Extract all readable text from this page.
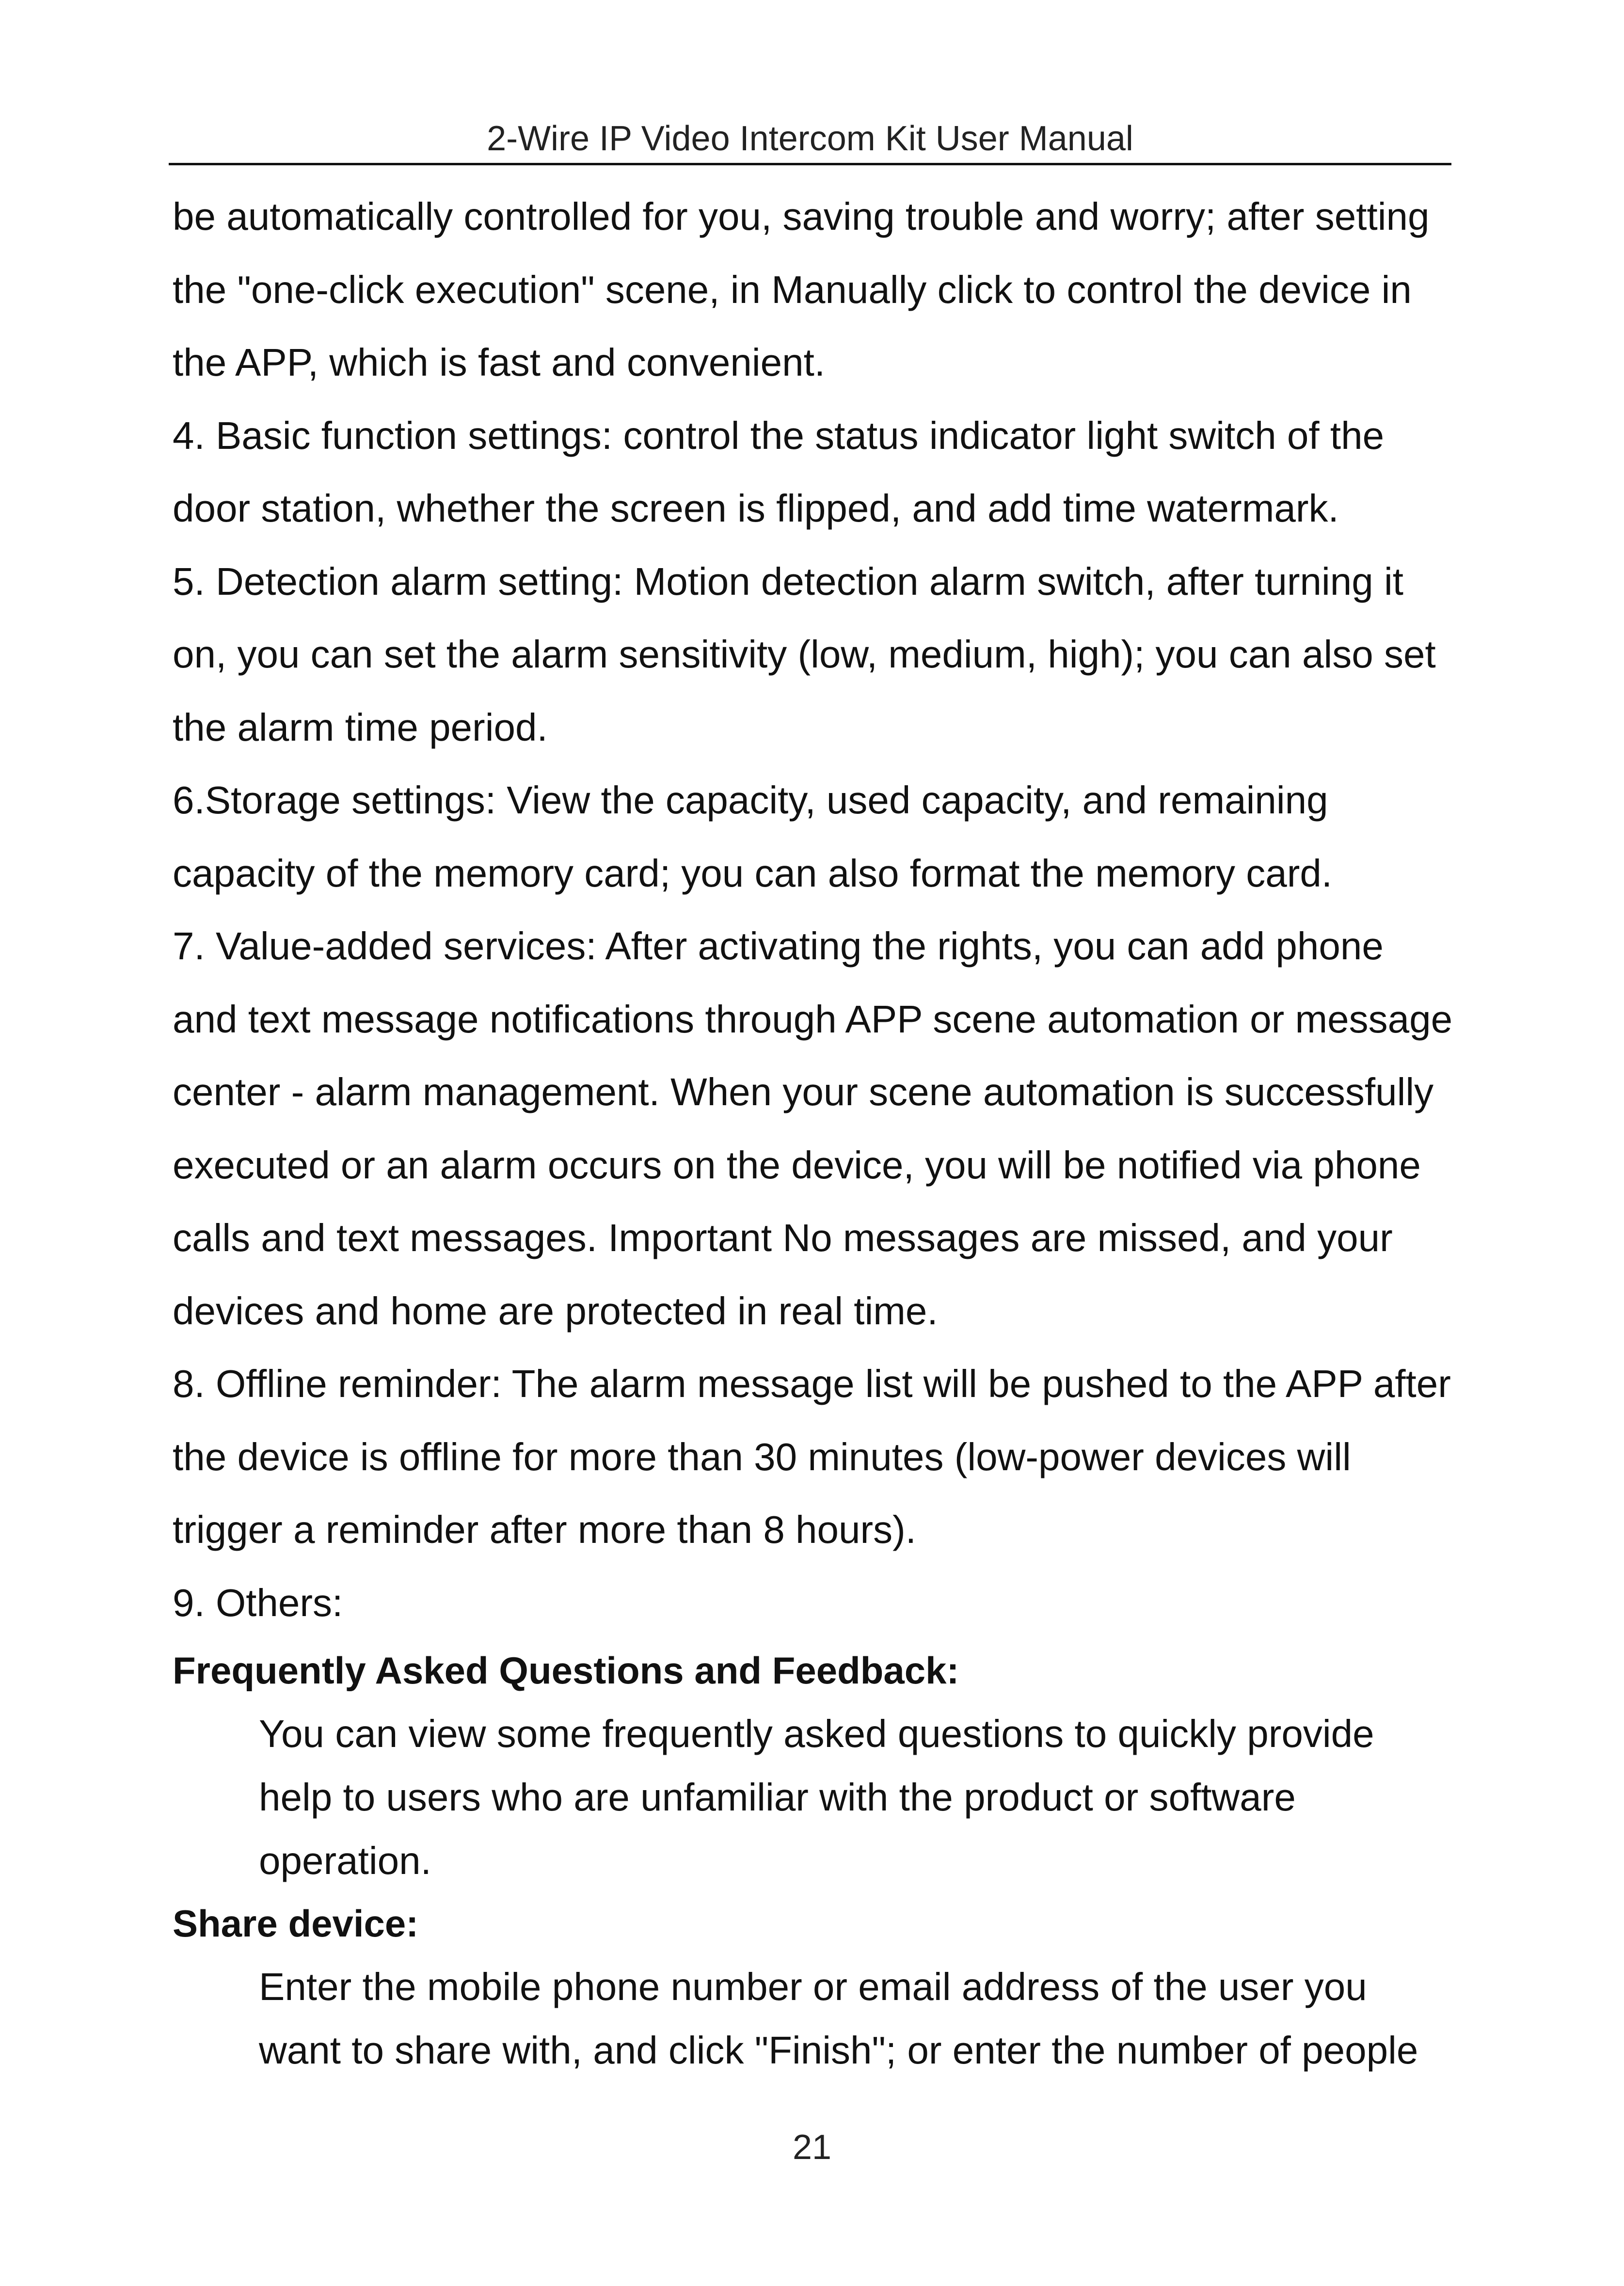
2-Wire IP Video Intercom Kit User Manual
be automatically controlled for you, saving trouble and worry; after setting
the "one-click execution" scene, in Manually click to control the device in
the APP, which is fast and convenient.
4. Basic function settings: control the status indicator light switch of the
door station, whether the screen is flipped, and add time watermark.
5. Detection alarm setting: Motion detection alarm switch, after turning it
on, you can set the alarm sensitivity (low, medium, high); you can also set
the alarm time period.
6.Storage settings: View the capacity, used capacity, and remaining
capacity of the memory card; you can also format the memory card.
7. Value-added services: After activating the rights, you can add phone
and text message notifications through APP scene automation or message
center - alarm management. When your scene automation is successfully
executed or an alarm occurs on the device, you will be notified via phone
calls and text messages. Important No messages are missed, and your
devices and home are protected in real time.
8. Offline reminder: The alarm message list will be pushed to the APP after
the device is offline for more than 30 minutes (low-power devices will
trigger a reminder after more than 8 hours).
9. Others:
Frequently Asked Questions and Feedback:
You can view some frequently asked questions to quickly provide
help to users who are unfamiliar with the product or software
operation.
Share device:
Enter the mobile phone number or email address of the user you
want to share with, and click "Finish"; or enter the number of people
21
